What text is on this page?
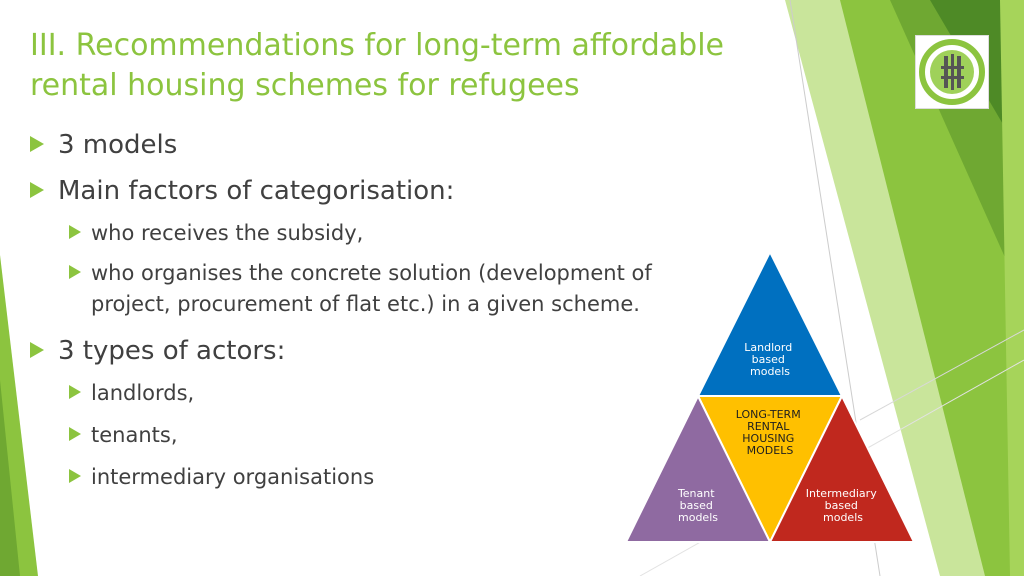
III. Recommendations for long-term affordable
rental housing schemes for refugees
3 models
Main factors of categorisation:
who receives the subsidy,
who organises the concrete solution (development of
project, procurement of flat etc.) in a given scheme.
3 types of actors:
landlords,
tenants,
intermediary organisations
Landlord based models
LONG-TERM RENTAL HOUSING MODELS
Tenant based models
Intermediary based models
